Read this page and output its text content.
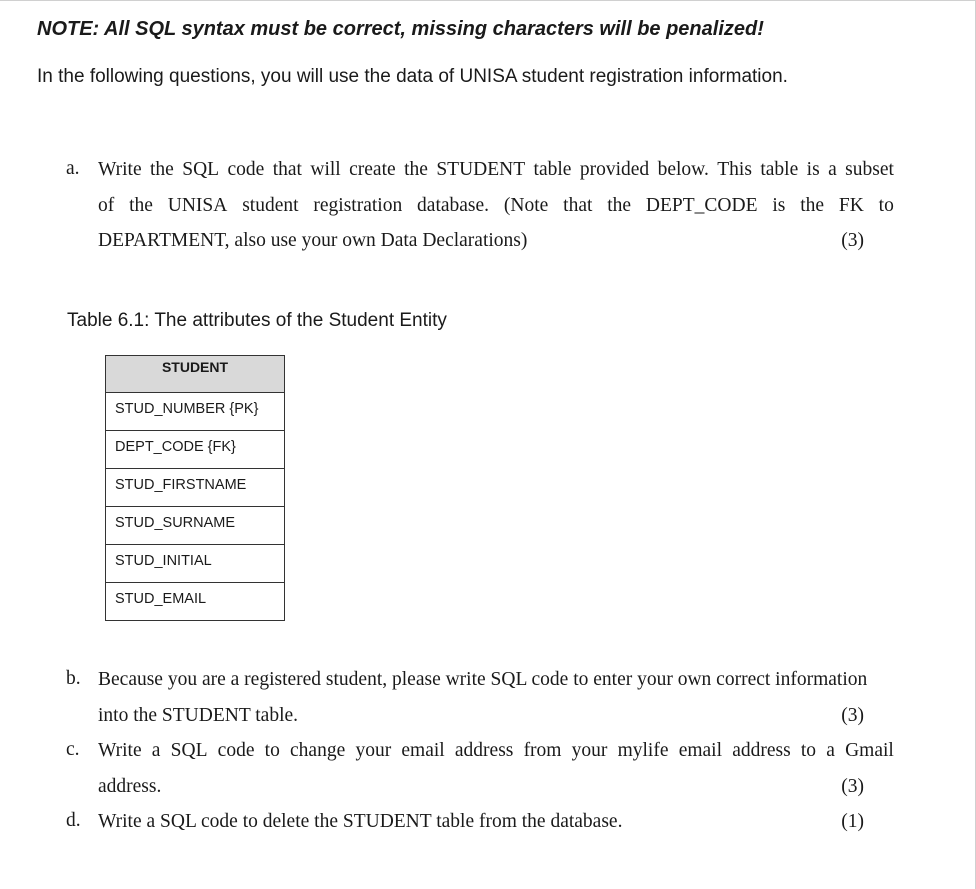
NOTE: All SQL syntax must be correct, missing characters will be penalized!

In the following questions, you will use the data of UNISA student registration information.

a. Write the SQL code that will create the STUDENT table provided below. This table is a subset
of the UNISA student registration database. (Note that the DEPT_CODE is the FK to
DEPARTMENT, also use your own Data Declarations)	(3)

Table 6.1: The attributes of the Student Entity

STUDENT
STUD_NUMBER {PK}
DEPT_CODE {FK}
STUD_FIRSTNAME
STUD_SURNAME
STUD_INITIAL
STUD_EMAIL
b. Because you are a registered student, please write SQL code to enter your own correct information
into the STUDENT table.	(3)
c. Write a SQL code to change your email address from your mylife email address to a Gmail
address.	(3)
d. Write a SQL code to delete the STUDENT table from the database.	(1)
